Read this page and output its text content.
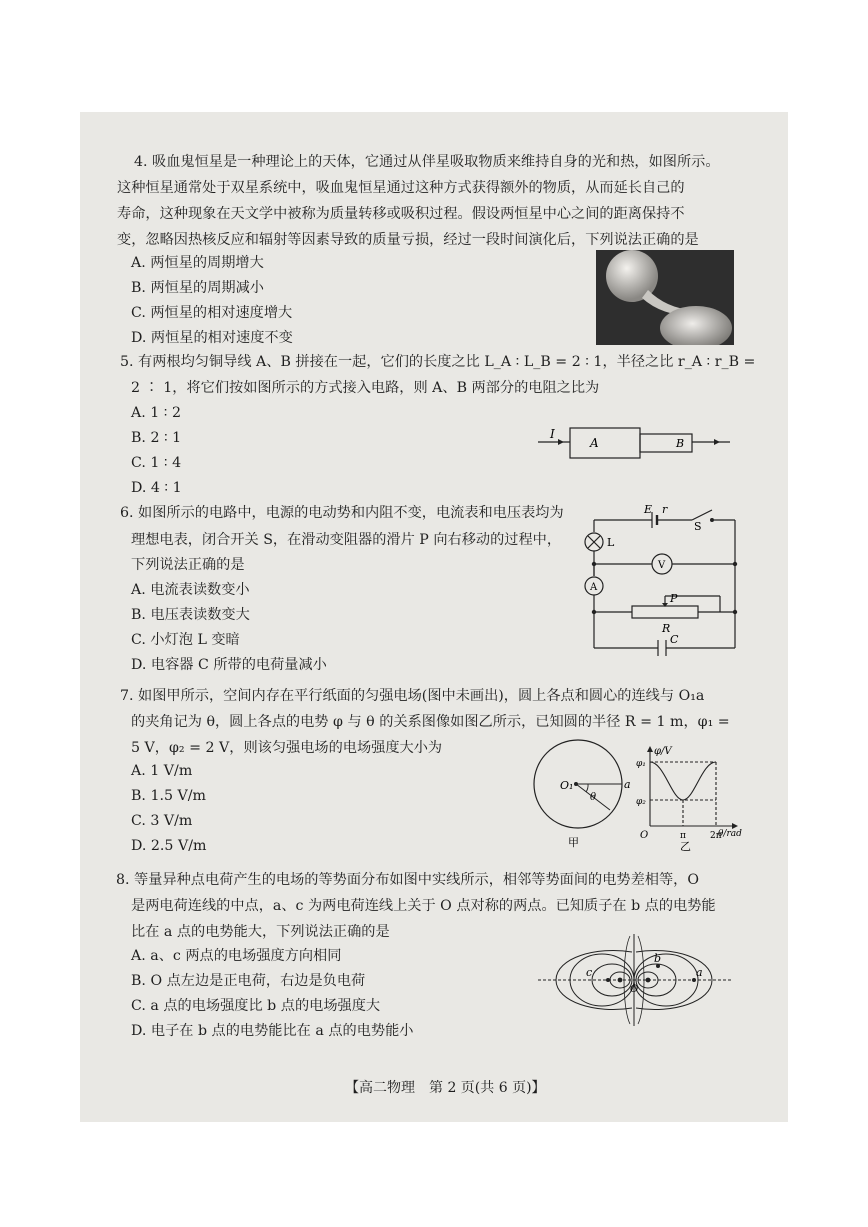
4. 吸血鬼恒星是一种理论上的天体，它通过从伴星吸取物质来维持自身的光和热，如图所示。
这种恒星通常处于双星系统中，吸血鬼恒星通过这种方式获得额外的物质，从而延长自己的
寿命，这种现象在天文学中被称为质量转移或吸积过程。假设两恒星中心之间的距离保持不
变，忽略因热核反应和辐射等因素导致的质量亏损，经过一段时间演化后，下列说法正确的是
A. 两恒星的周期增大
B. 两恒星的周期减小
C. 两恒星的相对速度增大
D. 两恒星的相对速度不变
5. 有两根均匀铜导线 A、B 拼接在一起，它们的长度之比 L_A ∶ L_B = 2 ∶ 1，半径之比 r_A ∶ r_B =
2 ∶ 1，将它们按如图所示的方式接入电路，则 A、B 两部分的电阻之比为
A. 1 ∶ 2
B. 2 ∶ 1
C. 1 ∶ 4
D. 4 ∶ 1
I
A	B
6. 如图所示的电路中，电源的电动势和内阻不变，电流表和电压表均为
理想电表，闭合开关 S，在滑动变阻器的滑片 P 向右移动的过程中，
下列说法正确的是
A. 电流表读数变小
B. 电压表读数变大
C. 小灯泡 L 变暗
D. 电容器 C 所带的电荷量减小
E r
S
L
V
A
P
R
C
7. 如图甲所示，空间内存在平行纸面的匀强电场(图中未画出)，圆上各点和圆心的连线与 O₁a
的夹角记为 θ，圆上各点的电势 φ 与 θ 的关系图像如图乙所示，已知圆的半径 R = 1 m，φ₁ =
5 V，φ₂ = 2 V，则该匀强电场的电场强度大小为
A. 1 V/m
B. 1.5 V/m
C. 3 V/m
D. 2.5 V/m
O₁
θ
a
甲
φ/V
φ₁
φ₂
O	π	2π
θ/rad
乙
8. 等量异种点电荷产生的电场的等势面分布如图中实线所示，相邻等势面间的电势差相等，O
是两电荷连线的中点，a、c 为两电荷连线上关于 O 点对称的两点。已知质子在 b 点的电势能
比在 a 点的电势能大，下列说法正确的是
A. a、c 两点的电场强度方向相同
B. O 点左边是正电荷，右边是负电荷
C. a 点的电场强度比 b 点的电场强度大
D. 电子在 b 点的电势能比在 a 点的电势能小
c
b
a
O
【高二物理　第 2 页(共 6 页)】
